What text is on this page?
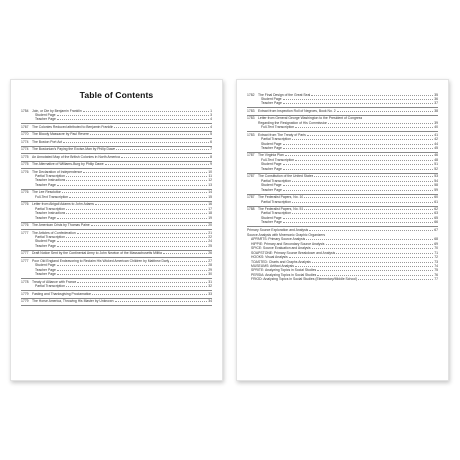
Table of Contents
1754	Join, or Die by Benjamin Franklin	1
Student Page	3
Teacher Page	4
1767	The Colonies Reduced attributed to Benjamin Franklin	4
1770	The Bloody Massacre by Paul Revere	5
1774	The Boston Port Act	6
1774	The Bostonian's Paying the Excise-Man by Philip Dawe	7
1775	An Annotated Map of the British Colonies in North America	8
1775	The Alternative of Williams-Burg by Philip Dawe	9
1776	The Declaration of Independence	10
Partial Transcription	11
Teacher Instructions	12
Teacher Page	13
1776	The Lee Resolution	14
Full-Text Transcription	15
1776	Letter from Abigail Adams to John Adams	16
Partial Transcription	17
Teacher Instructions	18
Teacher Page	19
1776	The American Crisis by Thomas Paine	20
1777	The Articles of Confederation	21
Partial Transcription	22
Student Page	24
Teacher Page	25
1777	Draft Notice Sent by the Continental Army to John Newton of the Massachusetts Militia	26
1777	Poor Old England Endeavoring to Reclaim His Wicked American Children by Matthew Darly	27
Student Page	28
Teacher Page	29
Teacher Page	30
1778	Treaty of Alliance with France	31
Partial Transcription	32
1779	Fasting and Thanksgiving Proclamation	33
1779	The Horse America, Throwing His Master by Unknown	34
1782	The Final Design of the Great Seal	35
Student Page	36
Teacher Page	37
1783	Extract from Inspection Roll of Negroes, Book No. 2	38
1783	Letter from General George Washington to the President of Congress
Regarding the Resignation of His Commission	39
Full-Text Transcription	40
1783	Extract from The Treaty of Paris	41
Partial Transcription	42
Student Page	44
Teacher Page	45
1787	The Virginia Plan	46
Full-Text Transcription	48
Student Page	51
Teacher Page	52
1787	The Constitution of the United States	53
Partial Transcription	54
Student Page	58
Teacher Page	59
1787	The Federalist Papers, No. 10	60
Partial Transcription	61
1788	The Federalist Papers, No. 51	62
Partial Transcription	63
Student Page	65
Teacher Page	66
Primary Source Exploration and Analysis	67
Source Analysis with Mnemonic Graphic Organizers
APPARTS: Primary Source Analysis	68
HIPPIE: Primary and Secondary Source Analysis	69
SPICE: Source Evaluation and Analysis	70
SOAPSTONE: Primary Source Breakdown and Analysis	71
HOOKS: Visual Analysis	72
TOASTED: Charts and Graphs Analysis	73
MUSEUMS: Artifact Analysis	74
SPRITE: Analyzing Topics in Social Studies	75
PERSIA: Analyzing Topics in Social Studies	76
FRIOD: Analyzing Topics in Social Studies (Elementary/Middle School)	77
